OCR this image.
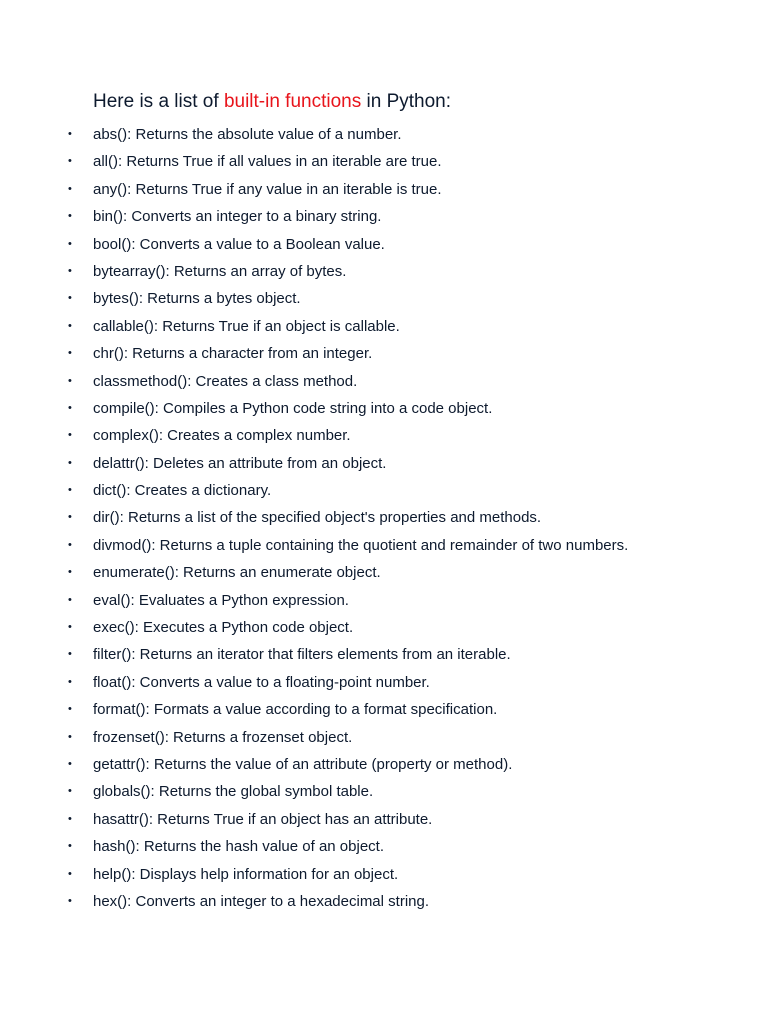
Here is a list of built-in functions in Python:
• abs(): Returns the absolute value of a number.
• all(): Returns True if all values in an iterable are true.
• any(): Returns True if any value in an iterable is true.
• bin(): Converts an integer to a binary string.
• bool(): Converts a value to a Boolean value.
• bytearray(): Returns an array of bytes.
• bytes(): Returns a bytes object.
• callable(): Returns True if an object is callable.
• chr(): Returns a character from an integer.
• classmethod(): Creates a class method.
• compile(): Compiles a Python code string into a code object.
• complex(): Creates a complex number.
• delattr(): Deletes an attribute from an object.
• dict(): Creates a dictionary.
• dir(): Returns a list of the specified object's properties and methods.
• divmod(): Returns a tuple containing the quotient and remainder of two numbers.
• enumerate(): Returns an enumerate object.
• eval(): Evaluates a Python expression.
• exec(): Executes a Python code object.
• filter(): Returns an iterator that filters elements from an iterable.
• float(): Converts a value to a floating-point number.
• format(): Formats a value according to a format specification.
• frozenset(): Returns a frozenset object.
• getattr(): Returns the value of an attribute (property or method).
• globals(): Returns the global symbol table.
• hasattr(): Returns True if an object has an attribute.
• hash(): Returns the hash value of an object.
• help(): Displays help information for an object.
• hex(): Converts an integer to a hexadecimal string.
